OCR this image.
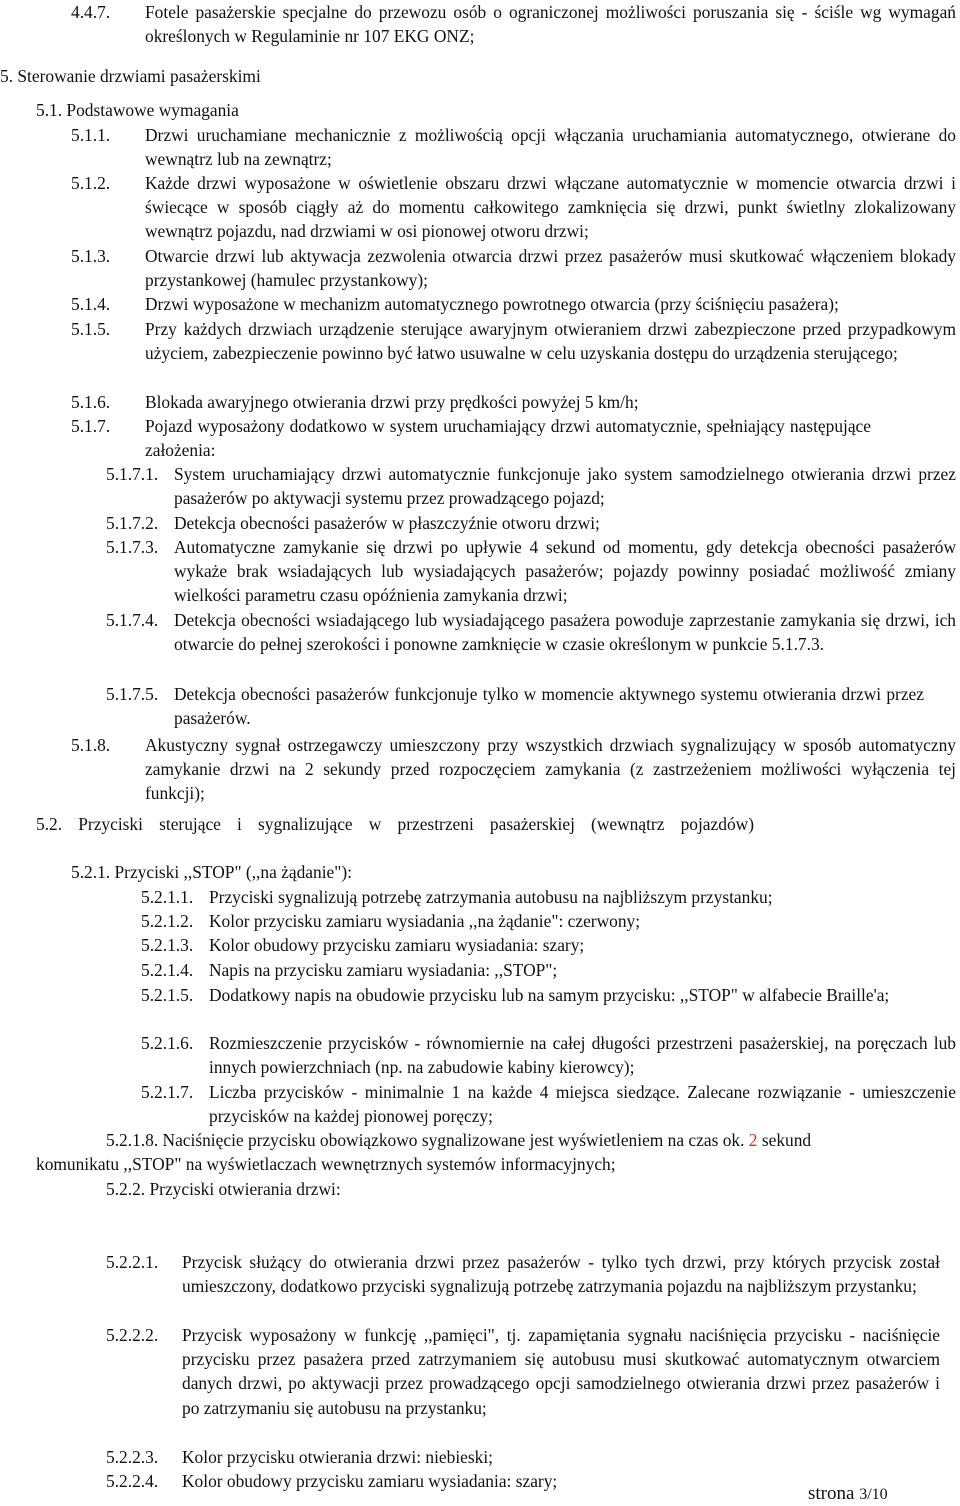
4.4.7.	Fotele pasażerskie specjalne do przewozu osób o ograniczonej możliwości poruszania się - ściśle wg wymagań określonych w Regulaminie nr 107 EKG ONZ;
5. Sterowanie drzwiami pasażerskimi
5.1. Podstawowe wymagania
5.1.1.	Drzwi uruchamiane mechanicznie z możliwością opcji włączania uruchamiania automatycznego, otwierane do wewnątrz lub na zewnątrz;
5.1.2.	Każde drzwi wyposażone w oświetlenie obszaru drzwi włączane automatycznie w momencie otwarcia drzwi i świecące w sposób ciągły aż do momentu całkowitego zamknięcia się drzwi, punkt świetlny zlokalizowany wewnątrz pojazdu, nad drzwiami w osi pionowej otworu drzwi;
5.1.3.	Otwarcie drzwi lub aktywacja zezwolenia otwarcia drzwi przez pasażerów musi skutkować włączeniem blokady przystankowej (hamulec przystankowy);
5.1.4.	Drzwi wyposażone w mechanizm automatycznego powrotnego otwarcia (przy ściśnięciu pasażera);
5.1.5.	Przy każdych drzwiach urządzenie sterujące awaryjnym otwieraniem drzwi zabezpieczone przed przypadkowym użyciem, zabezpieczenie powinno być łatwo usuwalne w celu uzyskania dostępu do urządzenia sterującego;
5.1.6.	Blokada awaryjnego otwierania drzwi przy prędkości powyżej 5 km/h;
5.1.7.	Pojazd wyposażony dodatkowo w system uruchamiający drzwi automatycznie, spełniający następujące założenia:
5.1.7.1. System uruchamiający drzwi automatycznie funkcjonuje jako system samodzielnego otwierania drzwi przez pasażerów po aktywacji systemu przez prowadzącego pojazd;
5.1.7.2. Detekcja obecności pasażerów w płaszczyźnie otworu drzwi;
5.1.7.3. Automatyczne zamykanie się drzwi po upływie 4 sekund od momentu, gdy detekcja obecności pasażerów wykaże brak wsiadających lub wysiadających pasażerów; pojazdy powinny posiadać możliwość zmiany wielkości parametru czasu opóźnienia zamykania drzwi;
5.1.7.4. Detekcja obecności wsiadającego lub wysiadającego pasażera powoduje zaprzestanie zamykania się drzwi, ich otwarcie do pełnej szerokości i ponowne zamknięcie w czasie określonym w punkcie 5.1.7.3.
5.1.7.5. Detekcja obecności pasażerów funkcjonuje tylko w momencie aktywnego systemu otwierania drzwi przez pasażerów.
5.1.8.	Akustyczny sygnał ostrzegawczy umieszczony przy wszystkich drzwiach sygnalizujący w sposób automatyczny zamykanie drzwi na 2 sekundy przed rozpoczęciem zamykania (z zastrzeżeniem możliwości wyłączenia tej funkcji);
5.2. Przyciski sterujące i sygnalizujące w przestrzeni pasażerskiej (wewnątrz pojazdów)
5.2.1. Przyciski ,,STOP" (,,na żądanie"):
5.2.1.1. Przyciski sygnalizują potrzebę zatrzymania autobusu na najbliższym przystanku;
5.2.1.2. Kolor przycisku zamiaru wysiadania ,,na żądanie": czerwony;
5.2.1.3. Kolor obudowy przycisku zamiaru wysiadania: szary;
5.2.1.4. Napis na przycisku zamiaru wysiadania: ,,STOP";
5.2.1.5. Dodatkowy napis na obudowie przycisku lub na samym przycisku: ,,STOP" w alfabecie Braille'a;
5.2.1.6. Rozmieszczenie przycisków - równomiernie na całej długości przestrzeni pasażerskiej, na poręczach lub innych powierzchniach (np. na zabudowie kabiny kierowcy);
5.2.1.7. Liczba przycisków - minimalnie 1 na każde 4 miejsca siedzące. Zalecane rozwiązanie - umieszczenie przycisków na każdej pionowej poręczy;
5.2.1.8. Naciśnięcie przycisku obowiązkowo sygnalizowane jest wyświetleniem na czas ok. 2 sekund
komunikatu ,,STOP" na wyświetlaczach wewnętrznych systemów informacyjnych;
5.2.2. Przyciski otwierania drzwi:
5.2.2.1.	Przycisk służący do otwierania drzwi przez pasażerów - tylko tych drzwi, przy których przycisk został umieszczony, dodatkowo przyciski sygnalizują potrzebę zatrzymania pojazdu na najbliższym przystanku;
5.2.2.2.	Przycisk wyposażony w funkcję ,,pamięci", tj. zapamiętania sygnału naciśnięcia przycisku - naciśnięcie przycisku przez pasażera przed zatrzymaniem się autobusu musi skutkować automatycznym otwarciem danych drzwi, po aktywacji przez prowadzącego opcji samodzielnego otwierania drzwi przez pasażerów i po zatrzymaniu się autobusu na przystanku;
5.2.2.3.	Kolor przycisku otwierania drzwi: niebieski;
5.2.2.4.	Kolor obudowy przycisku zamiaru wysiadania: szary;
strona 3/10
